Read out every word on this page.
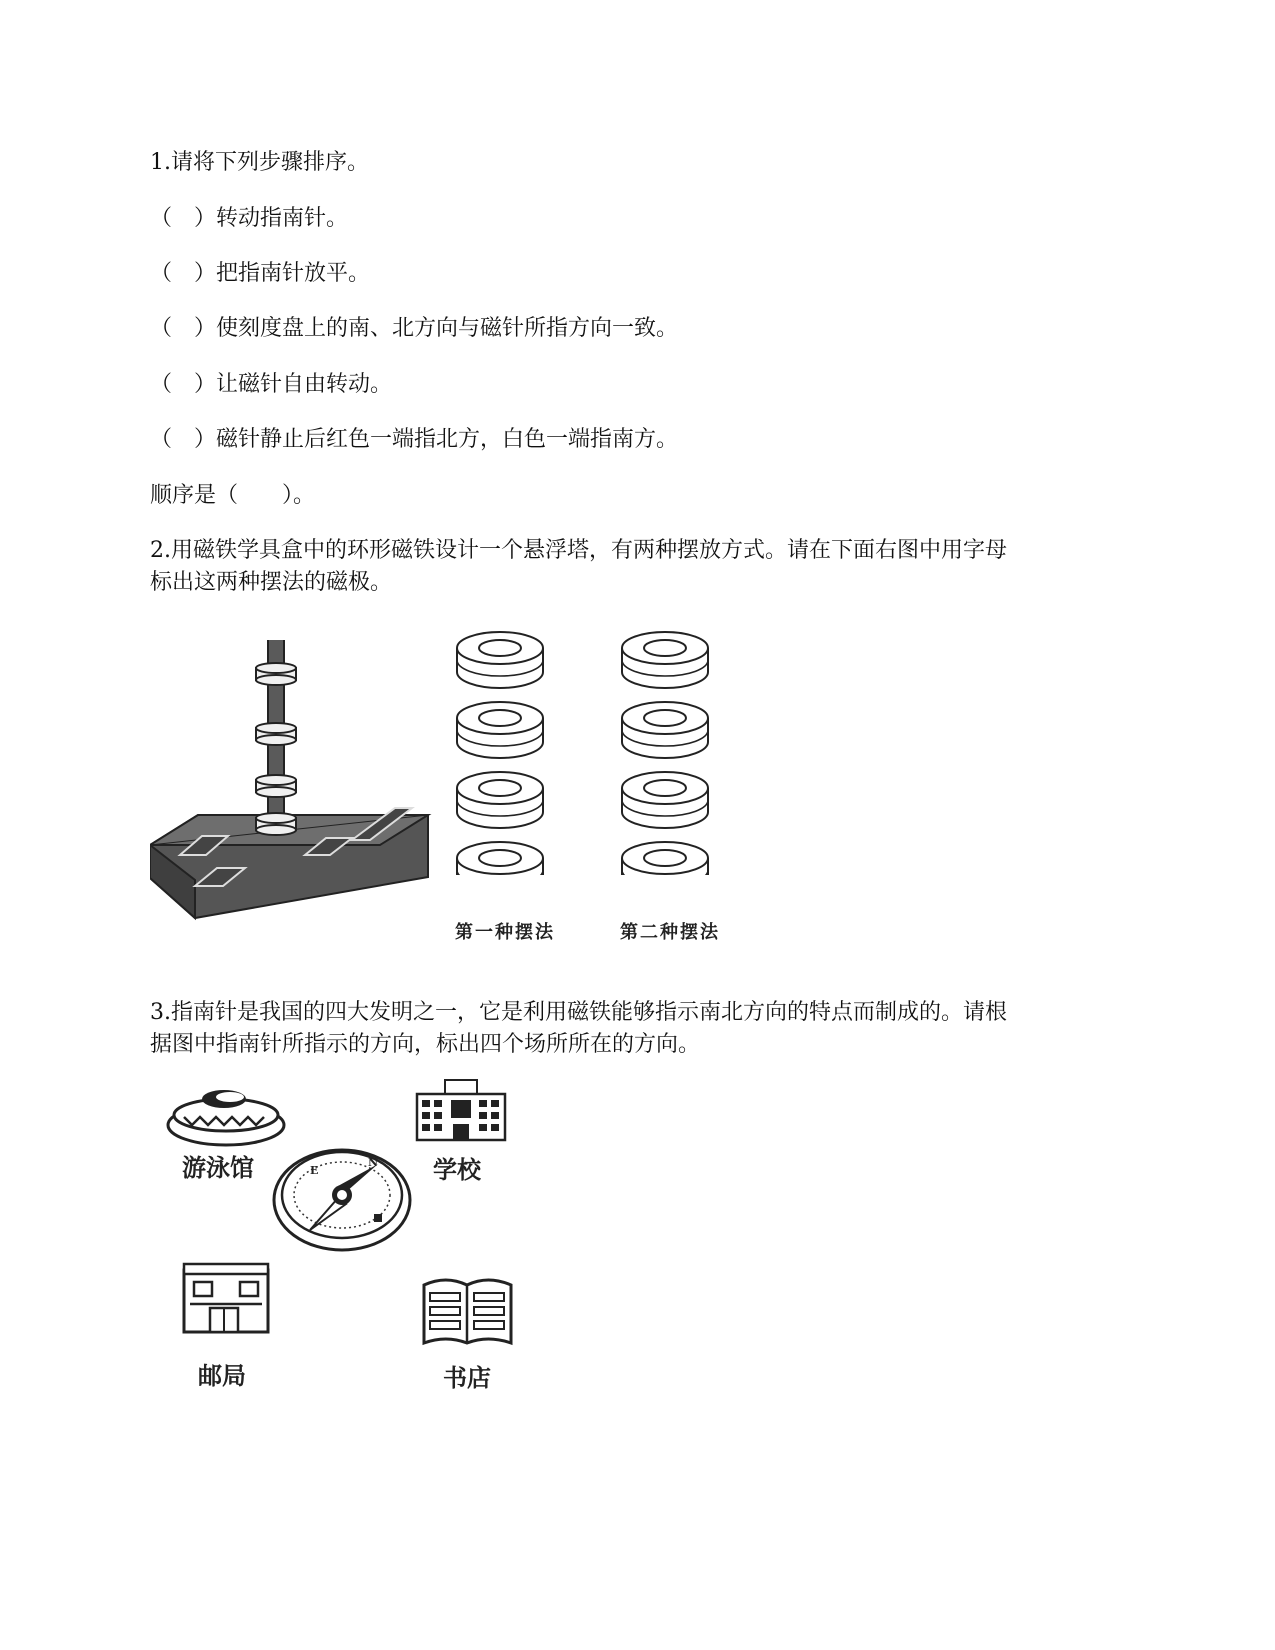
1.请将下列步骤排序。
（　）转动指南针。
（　）把指南针放平。
（　）使刻度盘上的南、北方向与磁针所指方向一致。
（　）让磁针自由转动。
（　）磁针静止后红色一端指北方，白色一端指南方。
顺序是（　　）。
2.用磁铁学具盒中的环形磁铁设计一个悬浮塔，有两种摆放方式。请在下面右图中用字母
标出这两种摆法的磁极。
第一种摆法	第二种摆法
3.指南针是我国的四大发明之一，它是利用磁铁能够指示南北方向的特点而制成的。请根
据图中指南针所指示的方向，标出四个场所所在的方向。
游泳馆	学校
E
N
邮局	书店
